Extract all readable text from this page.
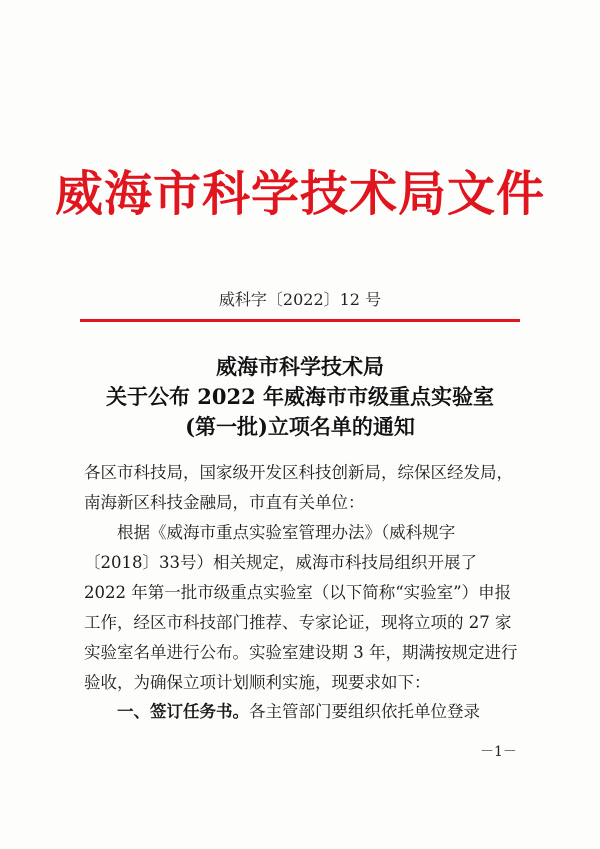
威海市科学技术局文件
威科字〔2022〕12 号
威海市科学技术局
关于公布 2022 年威海市市级重点实验室
(第一批)立项名单的通知
各区市科技局，国家级开发区科技创新局，综保区经发局，南海新区科技金融局，市直有关单位：
根据《威海市重点实验室管理办法》（威科规字〔2018〕33号）相关规定，威海市科技局组织开展了 2022 年第一批市级重点实验室（以下简称“实验室”）申报工作，经区市科技部门推荐、专家论证，现将立项的 27 家实验室名单进行公布。实验室建设期 3 年，期满按规定进行验收，为确保立项计划顺利实施，现要求如下：
一、签订任务书。各主管部门要组织依托单位登录
－1－
